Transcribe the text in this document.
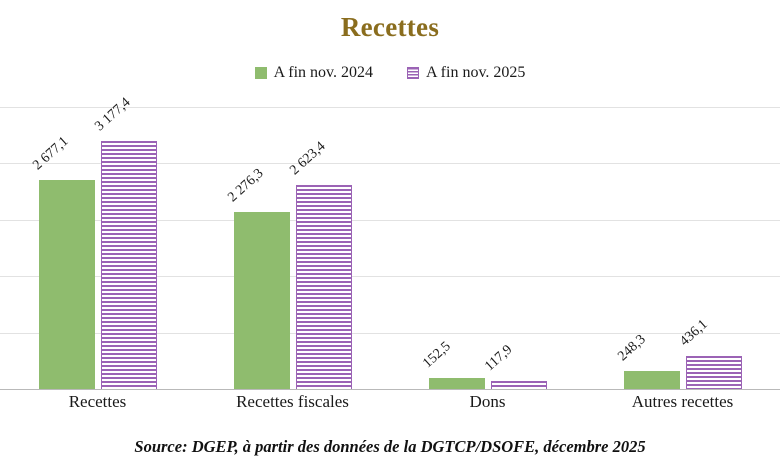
Recettes
A fin nov. 2024	A fin nov. 2025
2 677,1
3 177,4
2 276,3
2 623,4
152,5 117,9	248,3 436,1
Recettes	Recettes fiscales	Dons	Autres recettes
Source: DGEP, à partir des données de la DGTCP/DSOFE, décembre 2025
